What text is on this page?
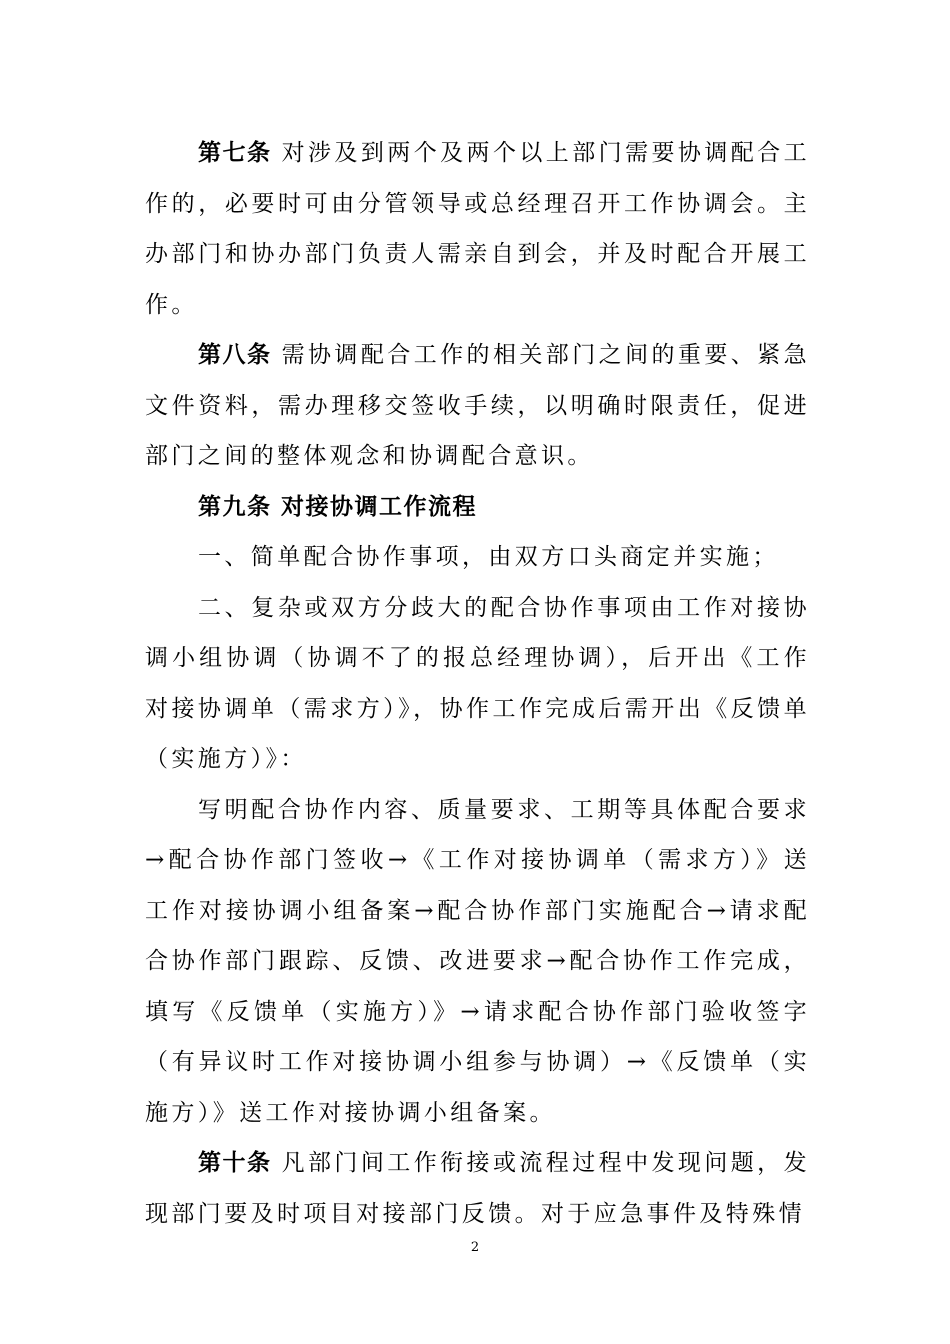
第七条 对涉及到两个及两个以上部门需要协调配合工作的，必要时可由分管领导或总经理召开工作协调会。主办部门和协办部门负责人需亲自到会，并及时配合开展工作。

第八条 需协调配合工作的相关部门之间的重要、紧急文件资料，需办理移交签收手续，以明确时限责任，促进部门之间的整体观念和协调配合意识。

第九条 对接协调工作流程

一、简单配合协作事项，由双方口头商定并实施；

二、复杂或双方分歧大的配合协作事项由工作对接协调小组协调（协调不了的报总经理协调），后开出《工作对接协调单（需求方）》，协作工作完成后需开出《反馈单（实施方）》：

写明配合协作内容、质量要求、工期等具体配合要求→配合协作部门签收→《工作对接协调单（需求方）》送工作对接协调小组备案→配合协作部门实施配合→请求配合协作部门跟踪、反馈、改进要求→配合协作工作完成，填写《反馈单（实施方）》→请求配合协作部门验收签字（有异议时工作对接协调小组参与协调）→《反馈单（实施方）》送工作对接协调小组备案。

第十条 凡部门间工作衔接或流程过程中发现问题，发现部门要及时项目对接部门反馈。对于应急事件及特殊情

2
